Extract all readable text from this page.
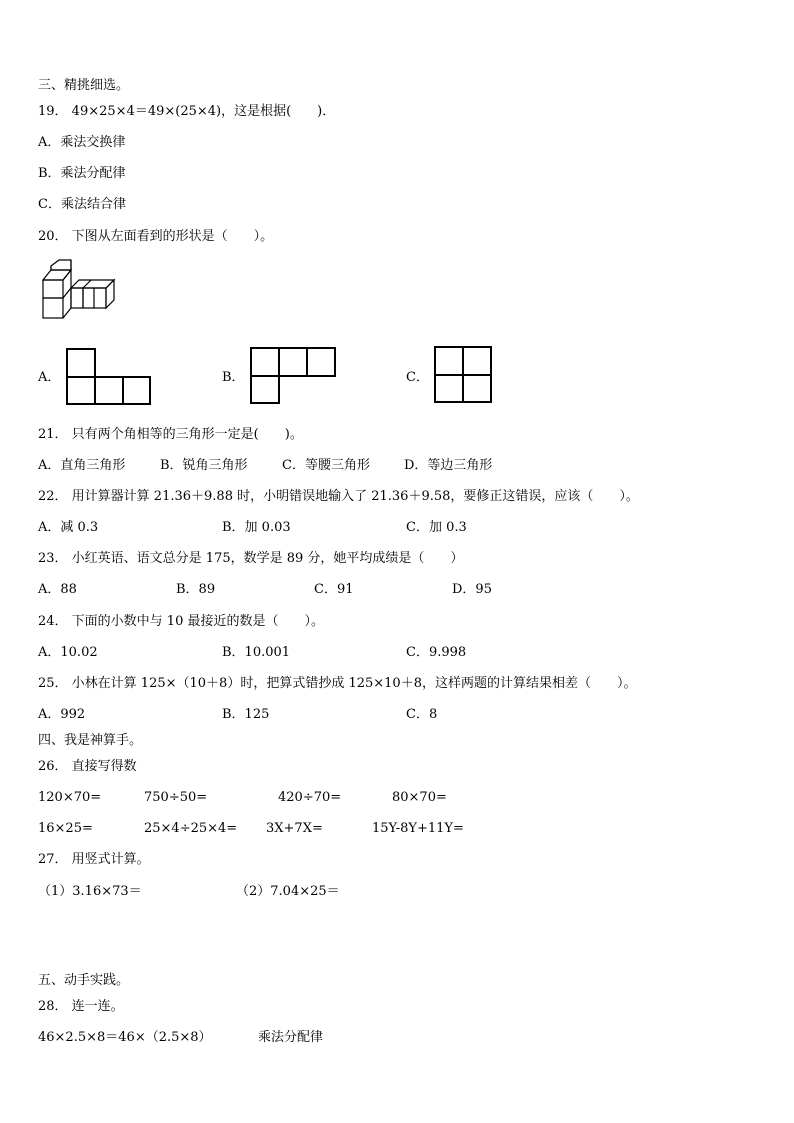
三、精挑细选。
19． 49×25×4＝49×(25×4)，这是根据(　　)．
A．乘法交换律
B．乘法分配律
C．乘法结合律
20． 下图从左面看到的形状是（　　）。
A．	B．	C．
21． 只有两个角相等的三角形一定是(　　)。
A．直角三角形	B．锐角三角形	C．等腰三角形	D．等边三角形
22． 用计算器计算 21.36＋9.88 时，小明错误地输入了 21.36＋9.58，要修正这错误，应该（　　）。
A．减 0.3	B．加 0.03	C．加 0.3
23． 小红英语、语文总分是 175，数学是 89 分，她平均成绩是（　　）
A．88	B．89	C．91	D．95
24． 下面的小数中与 10 最接近的数是（　　）。
A．10.02	B．10.001	C．9.998
25． 小林在计算 125×（10＋8）时，把算式错抄成 125×10＋8，这样两题的计算结果相差（　　）。
A．992	B．125	C．8
四、我是神算手。
26． 直接写得数
120×70=	750÷50=	420÷70=	80×70=
16×25=	25×4÷25×4= 3X+7X=	15Y-8Y+11Y=
27． 用竖式计算。
（1）3.16×73＝	（2）7.04×25＝
五、动手实践。
28． 连一连。
46×2.5×8＝46×（2.5×8）	乘法分配律
